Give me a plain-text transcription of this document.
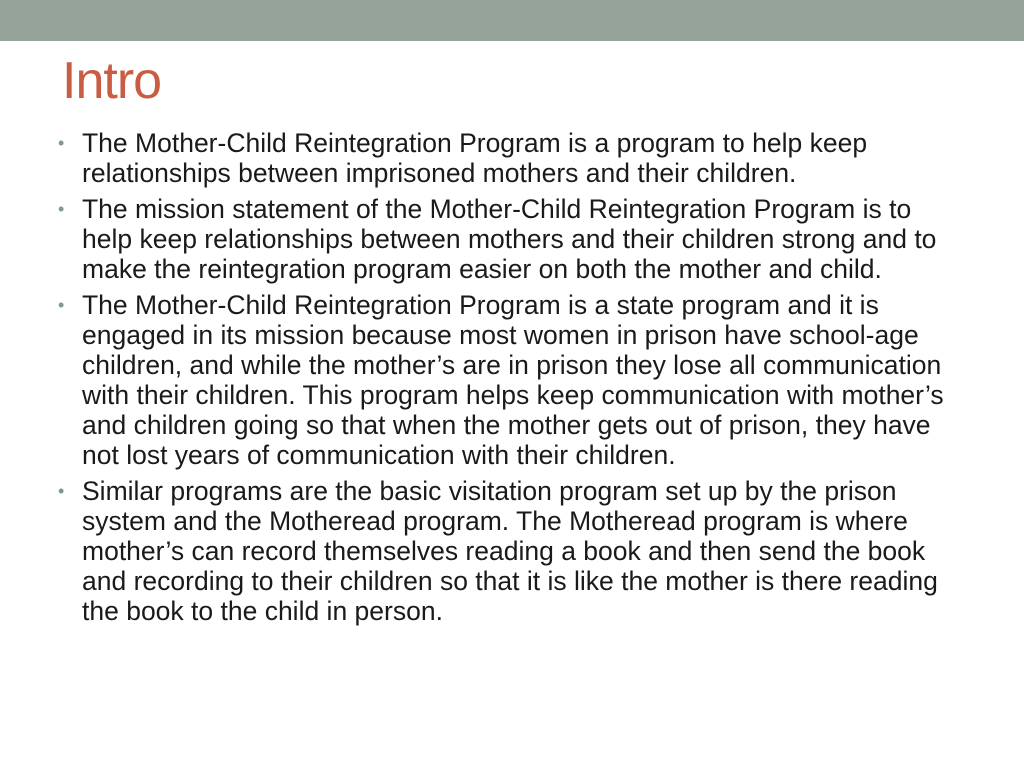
Intro
• The Mother-Child Reintegration Program is a program to help keep relationships between imprisoned mothers and their children.
• The mission statement of the Mother-Child Reintegration Program is to help keep relationships between mothers and their children strong and to make the reintegration program easier on both the mother and child.
• The Mother-Child Reintegration Program is a state program and it is engaged in its mission because most women in prison have school-age children, and while the mother’s are in prison they lose all communication with their children. This program helps keep communication with mother’s and children going so that when the mother gets out of prison, they have not lost years of communication with their children.
• Similar programs are the basic visitation program set up by the prison system and the Motheread program. The Motheread program is where mother’s can record themselves reading a book and then send the book and recording to their children so that it is like the mother is there reading the book to the child in person.
